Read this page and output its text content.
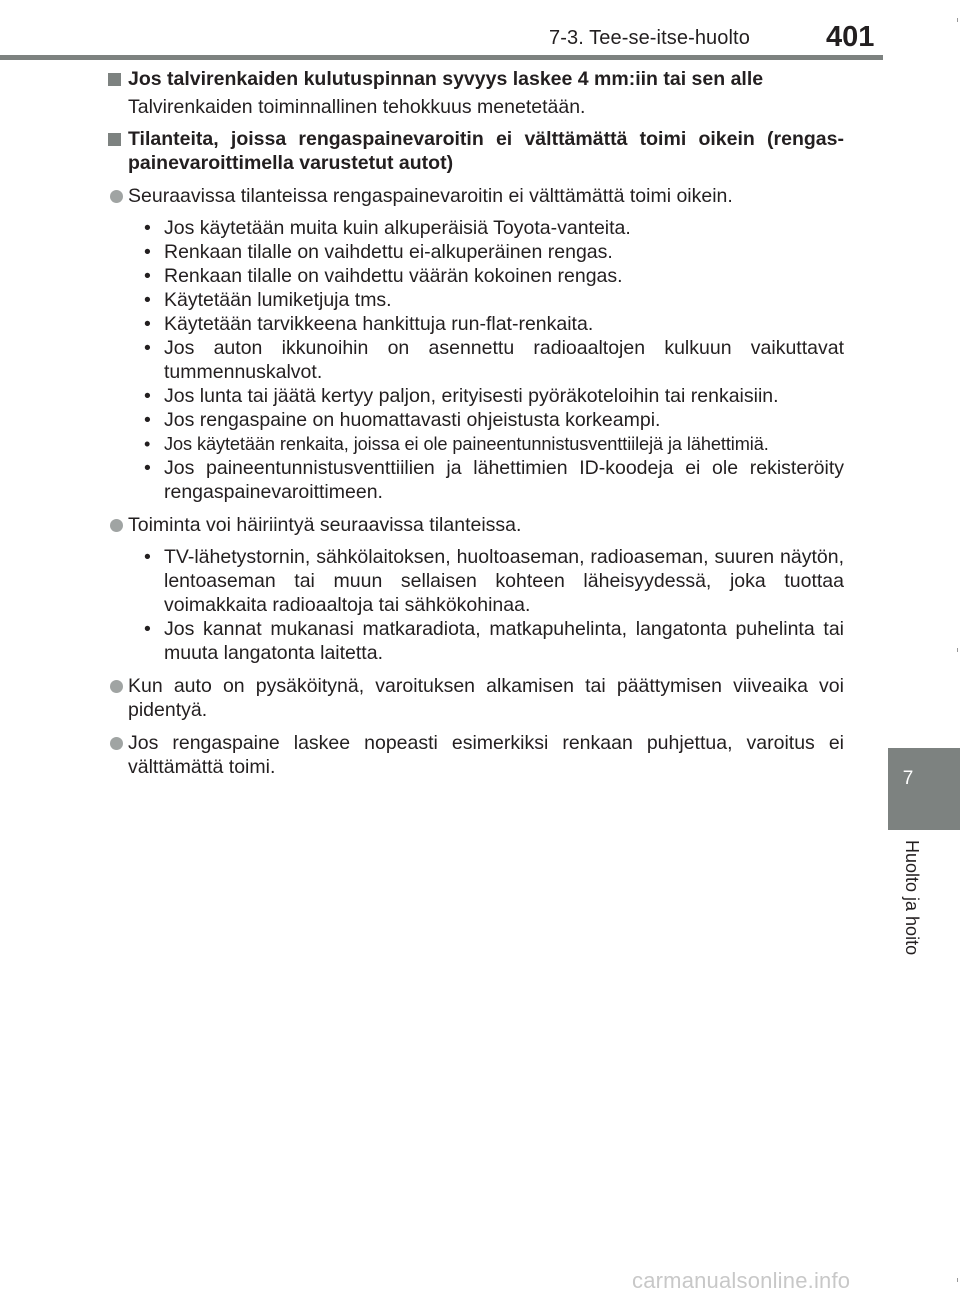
7-3. Tee-se-itse-huolto	401
Jos talvirenkaiden kulutuspinnan syvyys laskee 4 mm:iin tai sen alle
Talvirenkaiden toiminnallinen tehokkuus menetetään.
Tilanteita, joissa rengaspainevaroitin ei välttämättä toimi oikein (rengas-painevaroittimella varustetut autot)
Seuraavissa tilanteissa rengaspainevaroitin ei välttämättä toimi oikein.
• Jos käytetään muita kuin alkuperäisiä Toyota-vanteita.
• Renkaan tilalle on vaihdettu ei-alkuperäinen rengas.
• Renkaan tilalle on vaihdettu väärän kokoinen rengas.
• Käytetään lumiketjuja tms.
• Käytetään tarvikkeena hankittuja run-flat-renkaita.
• Jos auton ikkunoihin on asennettu radioaaltojen kulkuun vaikuttavat tummennuskalvot.
• Jos lunta tai jäätä kertyy paljon, erityisesti pyöräkoteloihin tai renkaisiin.
• Jos rengaspaine on huomattavasti ohjeistusta korkeampi.
• Jos käytetään renkaita, joissa ei ole paineentunnistusventtiilejä ja lähettimiä.
• Jos paineentunnistusventtiilien ja lähettimien ID-koodeja ei ole rekisteröity rengaspainevaroittimeen.
Toiminta voi häiriintyä seuraavissa tilanteissa.
• TV-lähetystornin, sähkölaitoksen, huoltoaseman, radioaseman, suuren näytön, lentoaseman tai muun sellaisen kohteen läheisyydessä, joka tuottaa voimakkaita radioaaltoja tai sähkökohinaa.
• Jos kannat mukanasi matkaradiota, matkapuhelinta, langatonta puhelinta tai muuta langatonta laitetta.
Kun auto on pysäköitynä, varoituksen alkamisen tai päättymisen viiveaika voi pidentyä.
Jos rengaspaine laskee nopeasti esimerkiksi renkaan puhjettua, varoitus ei välttämättä toimi.
7
Huolto ja hoito
carmanualsonline.info
